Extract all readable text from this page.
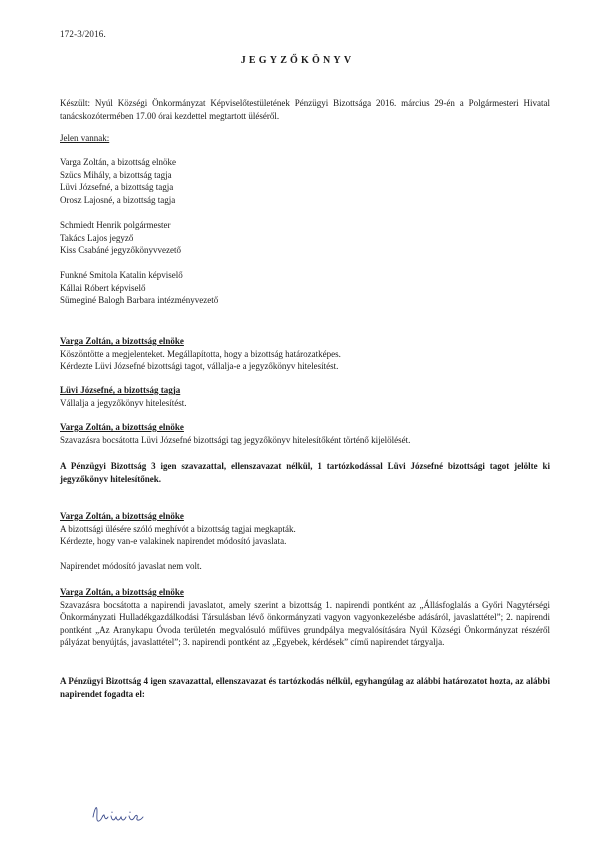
172-3/2016.
JEGYZŐKÖNYV
Készült: Nyúl Községi Önkormányzat Képviselőtestületének Pénzügyi Bizottsága 2016. március 29-én a Polgármesteri Hivatal tanácskozótermében 17.00 órai kezdettel megtartott üléséről.
Jelen vannak:
Varga Zoltán, a bizottság elnöke
Szücs Mihály, a bizottság tagja
Lüvi Józsefné, a bizottság tagja
Orosz Lajosné, a bizottság tagja
Schmiedt Henrik polgármester
Takács Lajos jegyző
Kiss Csabáné jegyzőkönyvvezető
Funkné Smitola Katalin képviselő
Kállai Róbert képviselő
Sümeginé Balogh Barbara intézményvezető
Varga Zoltán, a bizottság elnöke
Köszöntötte a megjelenteket. Megállapította, hogy a bizottság határozatképes.
Kérdezte Lüvi Józsefné bizottsági tagot, vállalja-e a jegyzőkönyv hitelesítést.
Lüvi Józsefné, a bizottság tagja
Vállalja a jegyzőkönyv hitelesítést.
Varga Zoltán, a bizottság elnöke
Szavazásra bocsátotta Lüvi Józsefné bizottsági tag jegyzőkönyv hitelesítőként történő kijelölését.
A Pénzügyi Bizottság 3 igen szavazattal, ellenszavazat nélkül, 1 tartózkodással Lüvi Józsefné bizottsági tagot jelölte ki jegyzőkönyv hitelesítőnek.
Varga Zoltán, a bizottság elnöke
A bizottsági ülésére szóló meghívót a bizottság tagjai megkapták.
Kérdezte, hogy van-e valakinek napirendet módosító javaslata.
Napirendet módosító javaslat nem volt.
Varga Zoltán, a bizottság elnöke
Szavazásra bocsátotta a napirendi javaslatot, amely szerint a bizottság 1. napirendi pontként az „Állásfoglalás a Győri Nagytérségi Önkormányzati Hulladékgazdálkodási Társulásban lévő önkormányzati vagyon vagyonkezelésbe adásáról, javaslattétel”; 2. napirendi pontként „Az Aranykapu Óvoda területén megvalósuló műfüves grundpálya megvalósítására Nyúl Községi Önkormányzat részéről pályázat benyújtás, javaslattétel”; 3. napirendi pontként az „Egyebek, kérdések” című napirendet tárgyalja.
A Pénzügyi Bizottság 4 igen szavazattal, ellenszavazat és tartózkodás nélkül, egyhangúlag az alábbi határozatot hozta, az alábbi napirendet fogadta el:
